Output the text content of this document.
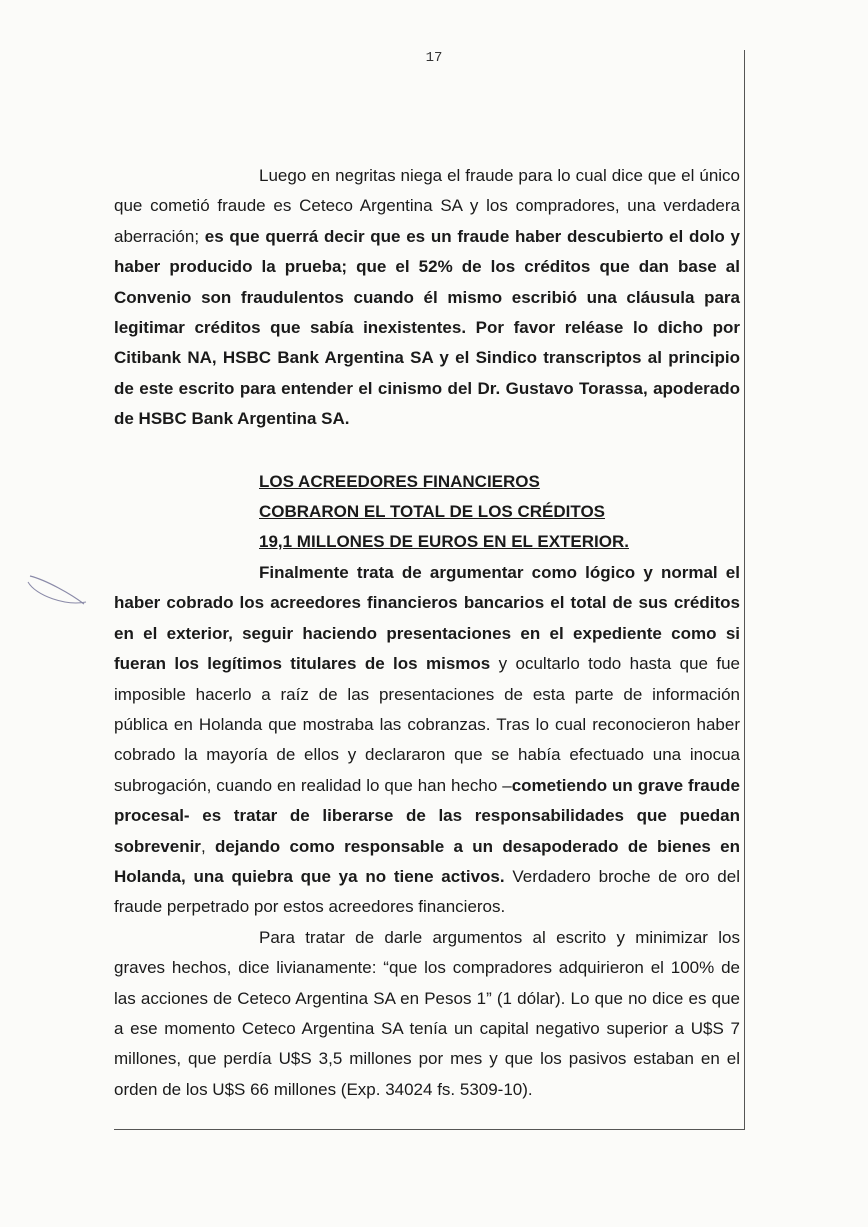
17

Luego en negritas niega el fraude para lo cual dice que el único que cometió fraude es Ceteco Argentina SA y los compradores, una verdadera aberración; es que querrá decir que es un fraude haber descubierto el dolo y haber producido la prueba; que el 52% de los créditos que dan base al Convenio son fraudulentos cuando él mismo escribió una cláusula para legitimar créditos que sabía inexistentes. Por favor reléase lo dicho por Citibank NA, HSBC Bank Argentina SA y el Sindico transcriptos al principio de este escrito para entender el cinismo del Dr. Gustavo Torassa, apoderado de HSBC Bank Argentina SA.

LOS ACREEDORES FINANCIEROS
COBRARON EL TOTAL DE LOS CRÉDITOS
19,1 MILLONES DE EUROS EN EL EXTERIOR.

Finalmente trata de argumentar como lógico y normal el haber cobrado los acreedores financieros bancarios el total de sus créditos en el exterior, seguir haciendo presentaciones en el expediente como si fueran los legítimos titulares de los mismos y ocultarlo todo hasta que fue imposible hacerlo a raíz de las presentaciones de esta parte de información pública en Holanda que mostraba las cobranzas. Tras lo cual reconocieron haber cobrado la mayoría de ellos y declararon que se había efectuado una inocua subrogación, cuando en realidad lo que han hecho –cometiendo un grave fraude procesal- es tratar de liberarse de las responsabilidades que puedan sobrevenir, dejando como responsable a un desapoderado de bienes en Holanda, una quiebra que ya no tiene activos. Verdadero broche de oro del fraude perpetrado por estos acreedores financieros.

Para tratar de darle argumentos al escrito y minimizar los graves hechos, dice livianamente: “que los compradores adquirieron el 100% de las acciones de Ceteco Argentina SA en Pesos 1” (1 dólar). Lo que no dice es que a ese momento Ceteco Argentina SA tenía un capital negativo superior a U$S 7 millones, que perdía U$S 3,5 millones por mes y que los pasivos estaban en el orden de los U$S 66 millones (Exp. 34024 fs. 5309-10).
